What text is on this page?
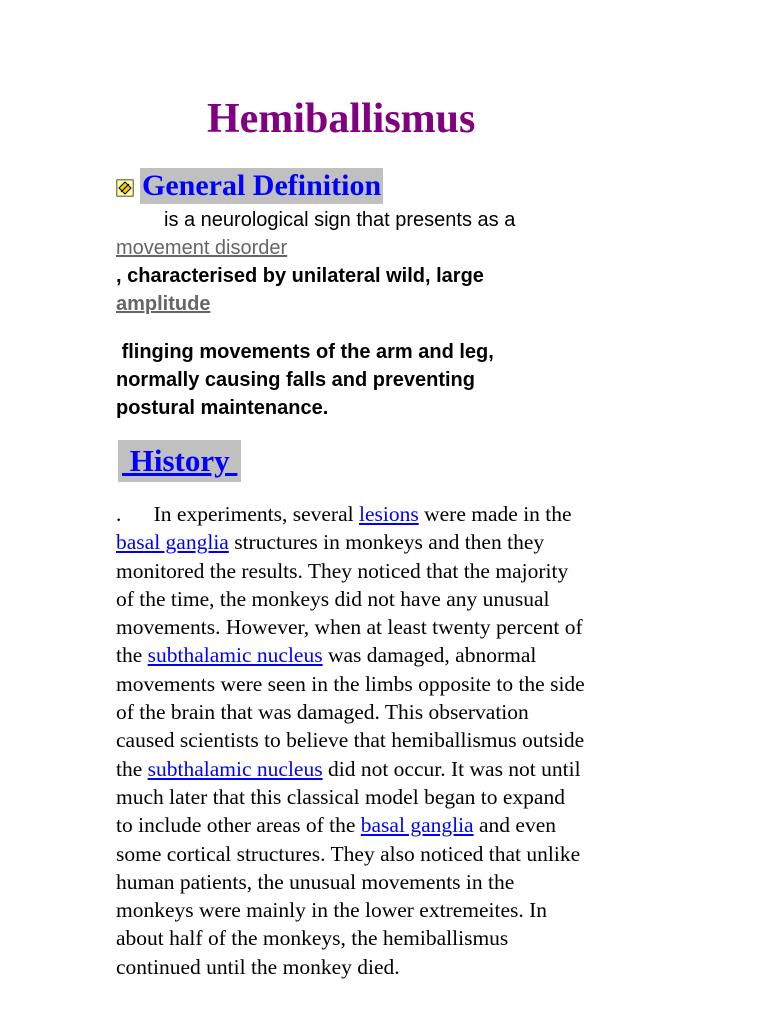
Hemiballismus
General Definition
is a neurological sign that presents as a
movement disorder
, characterised by unilateral wild, large
amplitude
flinging movements of the arm and leg,
normally causing falls and preventing
postural maintenance.
History
.      In experiments, several lesions were made in the
basal ganglia structures in monkeys and then they
monitored the results. They noticed that the majority
of the time, the monkeys did not have any unusual
movements. However, when at least twenty percent of
the subthalamic nucleus was damaged, abnormal
movements were seen in the limbs opposite to the side
of the brain that was damaged. This observation
caused scientists to believe that hemiballismus outside
the subthalamic nucleus did not occur. It was not until
much later that this classical model began to expand
to include other areas of the basal ganglia and even
some cortical structures. They also noticed that unlike
human patients, the unusual movements in the
monkeys were mainly in the lower extremeites. In
about half of the monkeys, the hemiballismus
continued until the monkey died.
